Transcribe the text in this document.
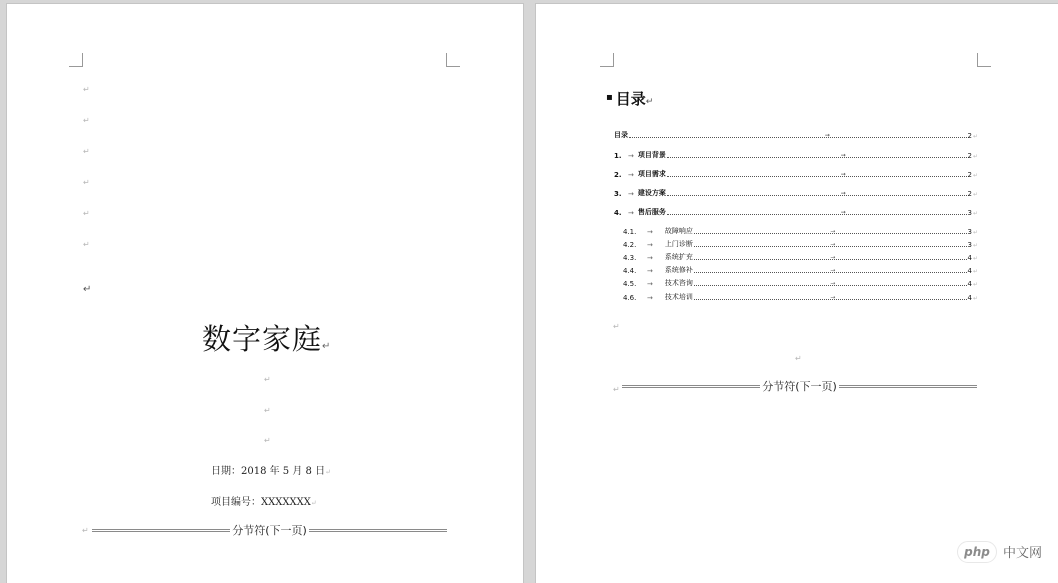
↵
↵
↵
↵
↵
↵
↵
数字家庭↵
↵
↵
↵
日期：2018 年 5 月 8 日↵
项目编号：XXXXXXX↵
↵	分节符(下一页)
▪ 目录↵
目录	→	2↵
1. → 项目背景	→	2↵
2. → 项目需求	→	2↵
3. → 建设方案	→	2↵
4. → 售后服务	→	3↵
4.1.	→ 故障响应	→	3↵
4.2.	→ 上门诊断	→	3↵
4.3.	→ 系统扩充	→	4↵
4.4.	→ 系统修补	→	4↵
4.5.	→ 技术咨询	→	4↵
4.6.	→ 技术培训	→	4↵
↵
↵
↵	分节符(下一页)
php 中文网
